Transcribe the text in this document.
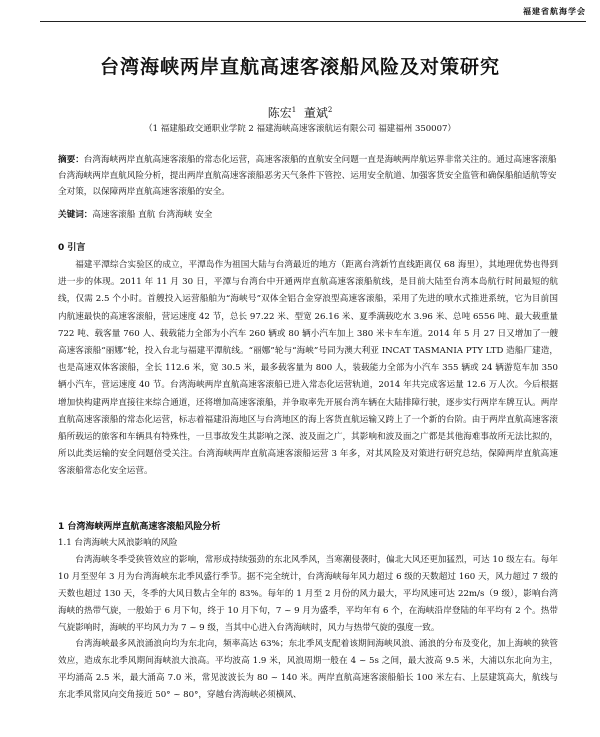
福建省航海学会
台湾海峡两岸直航高速客滚船风险及对策研究
陈宏$^1$ 董斌$^2$
（1 福建船政交通职业学院 2 福建海峡高速客滚航运有限公司 福建福州 350007）
摘要：台湾海峡两岸直航高速客滚船的常态化运营，高速客滚船的直航安全问题一直是海峡两岸航运界非常关注的。通过高速客滚船台湾海峡两岸直航风险分析，提出两岸直航高速客滚船恶劣天气条件下管控、运用安全航道、加强客货安全监管和确保船舶适航等安全对策，以保障两岸直航高速客滚船的安全。
关键词：高速客滚船 直航 台湾海峡 安全
0 引言
福建平潭综合实验区的成立，平潭岛作为祖国大陆与台湾最近的地方（距离台湾新竹直线距离仅 68 海里），其地理优势也得到进一步的体现。2011 年 11 月 30 日，平潭与台湾台中开通两岸直航高速客滚船航线，是目前大陆至台湾本岛航行时间最短的航线，仅需 2.5 个小时。首艘投入运营船舶为“海峡号”双体全铝合金穿浪型高速客滚船，采用了先进的喷水式推进系统，它为目前国内航速最快的高速客滚船，营运速度 42 节，总长 97.22 米、型宽 26.16 米、夏季满载吃水 3.96 米、总吨 6556 吨、最大载重量 722 吨、载客量 760 人、载载能力全部为小汽车 260 辆或 80 辆小汽车加上 380 米卡车车道。2014 年 5 月 27 日又增加了一艘高速客滚船“丽娜”轮，投入台北与福建平潭航线。“丽娜”轮与“海峡”号同为澳大利亚 INCAT TASMANIA PTY LTD 造船厂建造，也是高速双体客滚船，全长 112.6 米，宽 30.5 米，最多载客量为 800 人，装载能力全部为小汽车 355 辆或 24 辆游览车加 350 辆小汽车，营运速度 40 节。台湾海峡两岸直航高速客滚船已进入常态化运营轨道，2014 年共完成客运量 12.6 万人次。今后根据增加快构建两岸直接往来综合通道，还将增加高速客滚船，并争取率先开展台湾车辆在大陆排障行驶，逐步实行两岸车牌互认。两岸直航高速客滚船的常态化运营，标志着福建沿海地区与台湾地区的海上客货直航运输又跨上了一个新的台阶。由于两岸直航高速客滚船所载运的旅客和车辆具有特殊性，一旦事故发生其影响之深、波及面之广，其影响和波及面之广都是其他海难事故所无法比拟的，所以此类运输的安全问题倍受关注。台湾海峡两岸直航高速客滚船运营 3 年多，对其风险及对策进行研究总结，保障两岸直航高速客滚船常态化安全运营。
1 台湾海峡两岸直航高速客滚船风险分析
1.1 台湾海峡大风浪影响的风险
台湾海峡冬季受狭管效应的影响，常形成持续强劲的东北风季风，当寒潮侵袭时，偏北大风还更加猛烈，可达 10 级左右。每年 10 月至翌年 3 月为台湾海峡东北季风盛行季节。据不完全统计，台湾海峡每年风力超过 6 级的天数超过 160 天，风力超过 7 级的天数也超过 130 天，冬季的大风日数占全年的 83%。每年的 1 月至 2 月份的风力最大，平均风速可达 22m/s（9 级），影响台湾海峡的热带气旋，一般始于 6 月下旬，终于 10 月下旬，7 ~ 9 月为盛季，平均年有 6 个，在海峡沿岸登陆的年平均有 2 个。热带气旋影响时，海峡的平均风力为 7 ~ 9 级，当其中心进入台湾海峡时，风力与热带气旋的强度一致。
台湾海峡最多风浪涌浪向均为东北向，频率高达 63%；东北季风支配着该期间海峡风浪、涌浪的分布及变化，加上海峡的狭管效应，造成东北季风期间海峡浪大浪高。平均波高 1.9 米，风浪周期一般在 4 ~ 5s 之间，最大波高 9.5 米，大浦以东北向为主，平均涌高 2.5 米，最大涌高 7.0 米，常见波波长为 80 ~ 140 米。两岸直航高速客滚船船长 100 米左右、上层建筑高大，航线与东北季风常风向交角接近 50° ~ 80°，穿越台湾海峡必须横风、
